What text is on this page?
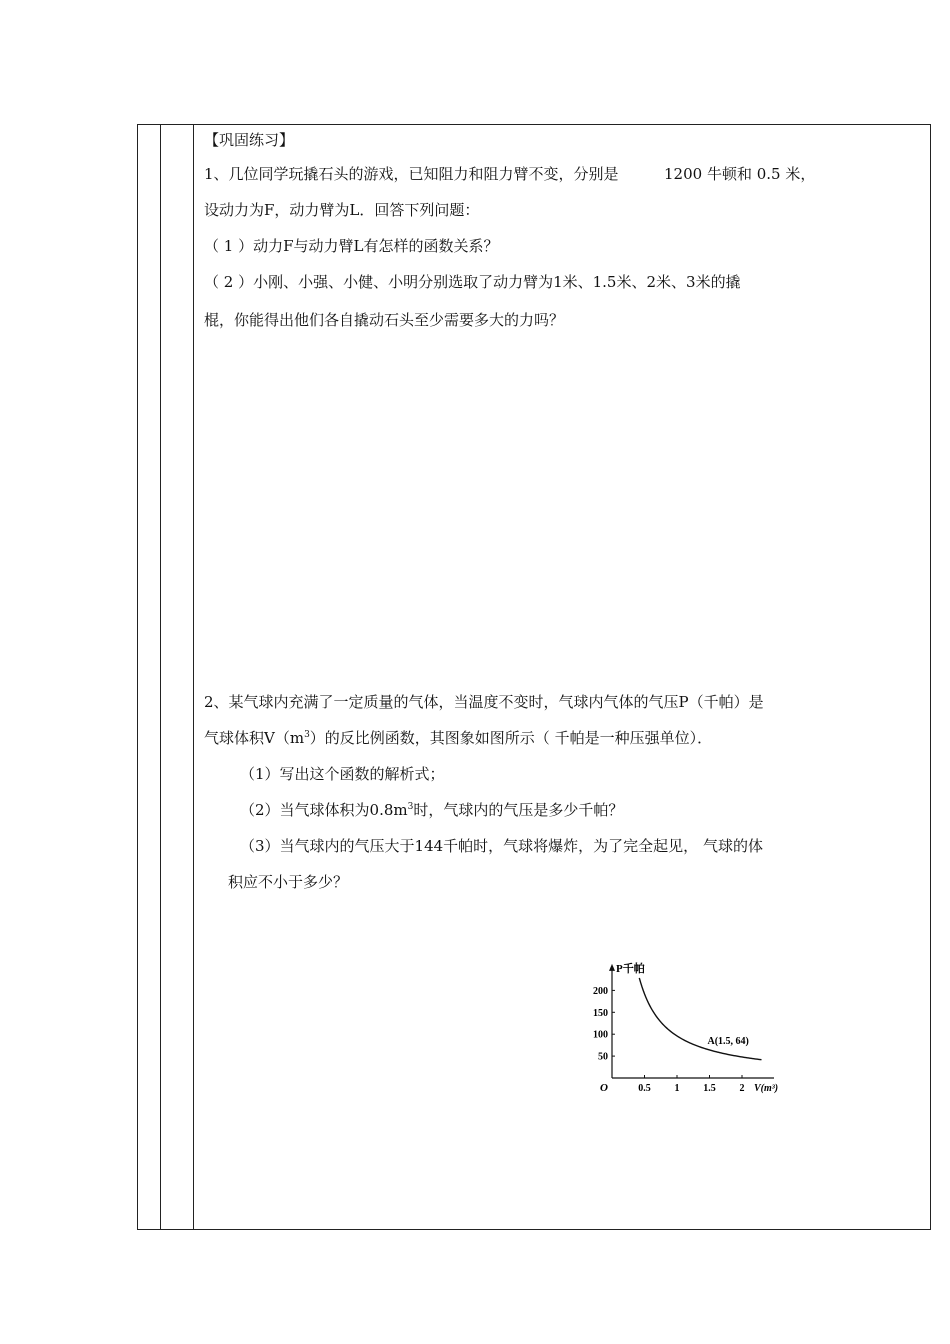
【巩固练习】
1、几位同学玩撬石头的游戏，已知阻力和阻力臂不变，分别是	1200 牛顿和 0.5 米，
设动力为F，动力臂为L．回答下列问题：
（ 1 ）动力F与动力臂L有怎样的函数关系？
（ 2 ）小刚、小强、小健、小明分别选取了动力臂为1米、1.5米、2米、3米的撬
棍，你能得出他们各自撬动石头至少需要多大的力吗？
2、某气球内充满了一定质量的气体，当温度不变时，气球内气体的气压P（千帕）是
气球体积$V(m^3)$的反比例函数，其图象如图所示（ 千帕是一种压强单位）．
（1）写出这个函数的解析式；
（2）当气球体积为$0.8m^3$时，气球内的气压是多少千帕？
（3）当气球内的气压大于144千帕时，气球将爆炸，为了完全起见， 气球的体
积应不小于多少？
0.5 1 1.5 2
50
100
150
200
O
P千帕
V(m³)
A(1.5, 64)
